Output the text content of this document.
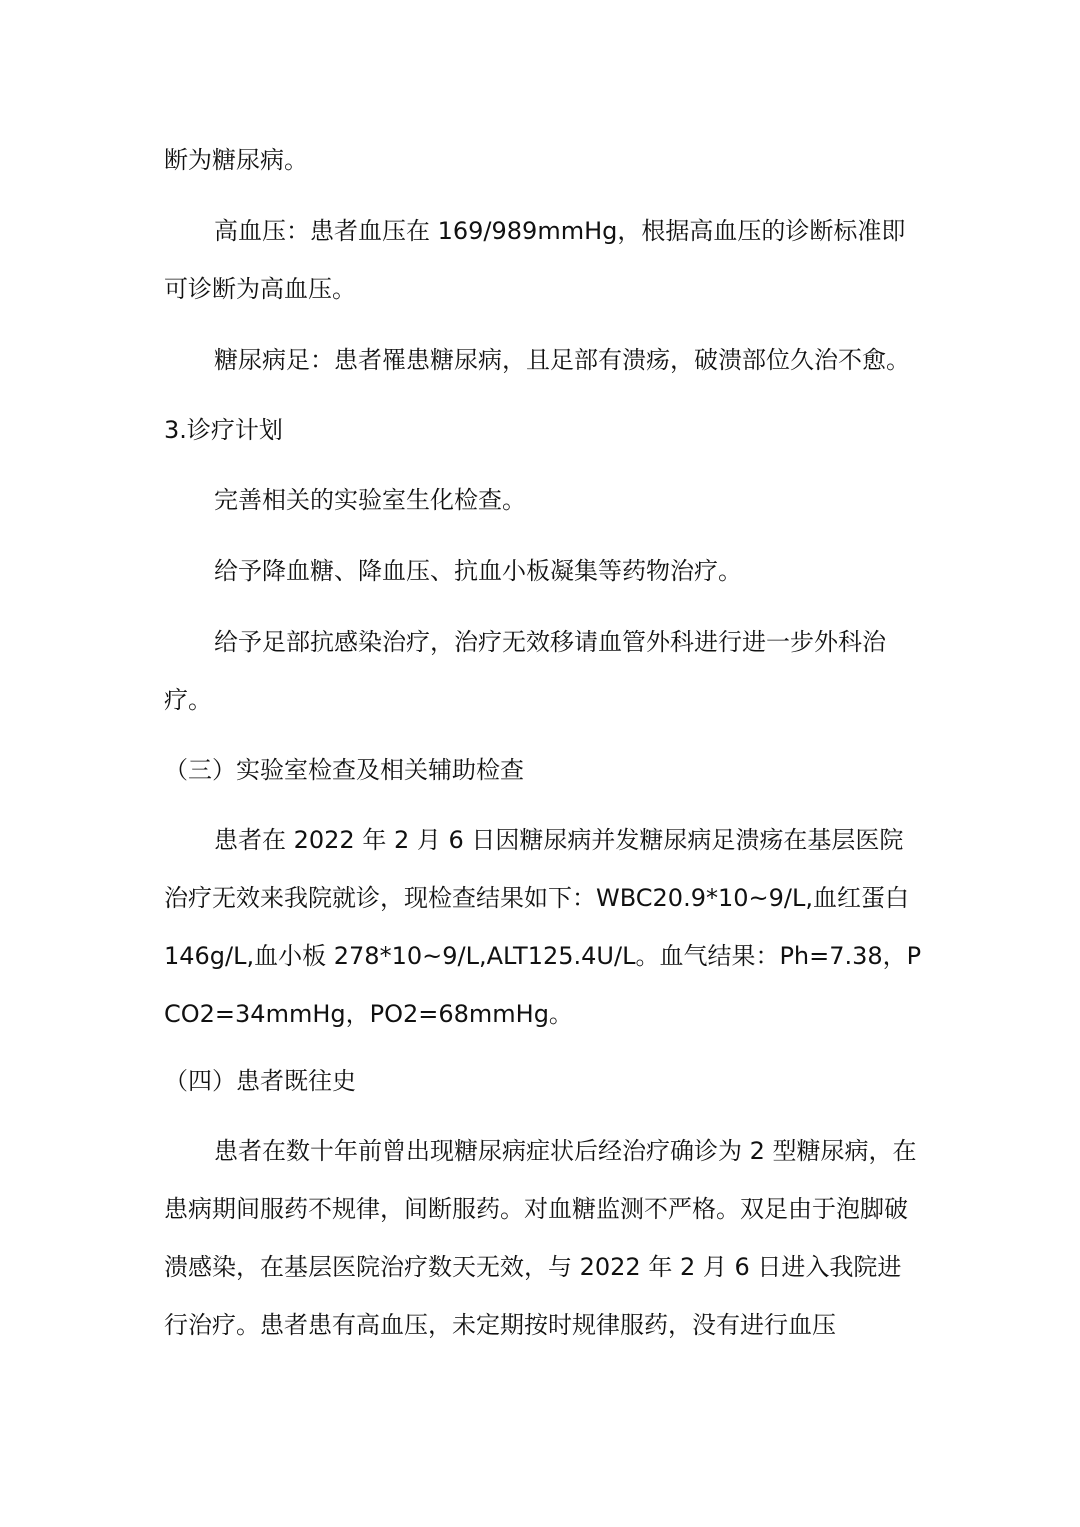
断为糖尿病。
高血压：患者血压在 169/989mmHg，根据高血压的诊断标准即可诊断为高血压。
糖尿病足：患者罹患糖尿病，且足部有溃疡，破溃部位久治不愈。
3.诊疗计划
完善相关的实验室生化检查。
给予降血糖、降血压、抗血小板凝集等药物治疗。
给予足部抗感染治疗，治疗无效移请血管外科进行进一步外科治疗。
（三）实验室检查及相关辅助检查
患者在 2022 年 2 月 6 日因糖尿病并发糖尿病足溃疡在基层医院治疗无效来我院就诊，现检查结果如下：WBC20.9*10~9/L,血红蛋白 146g/L,血小板 278*10~9/L,ALT125.4U/L。血气结果：Ph=7.38，PCO2=34mmHg，PO2=68mmHg。
（四）患者既往史
患者在数十年前曾出现糖尿病症状后经治疗确诊为 2 型糖尿病，在患病期间服药不规律，间断服药。对血糖监测不严格。双足由于泡脚破溃感染，在基层医院治疗数天无效，与 2022 年 2 月 6 日进入我院进行治疗。患者患有高血压，未定期按时规律服药，没有进行血压
